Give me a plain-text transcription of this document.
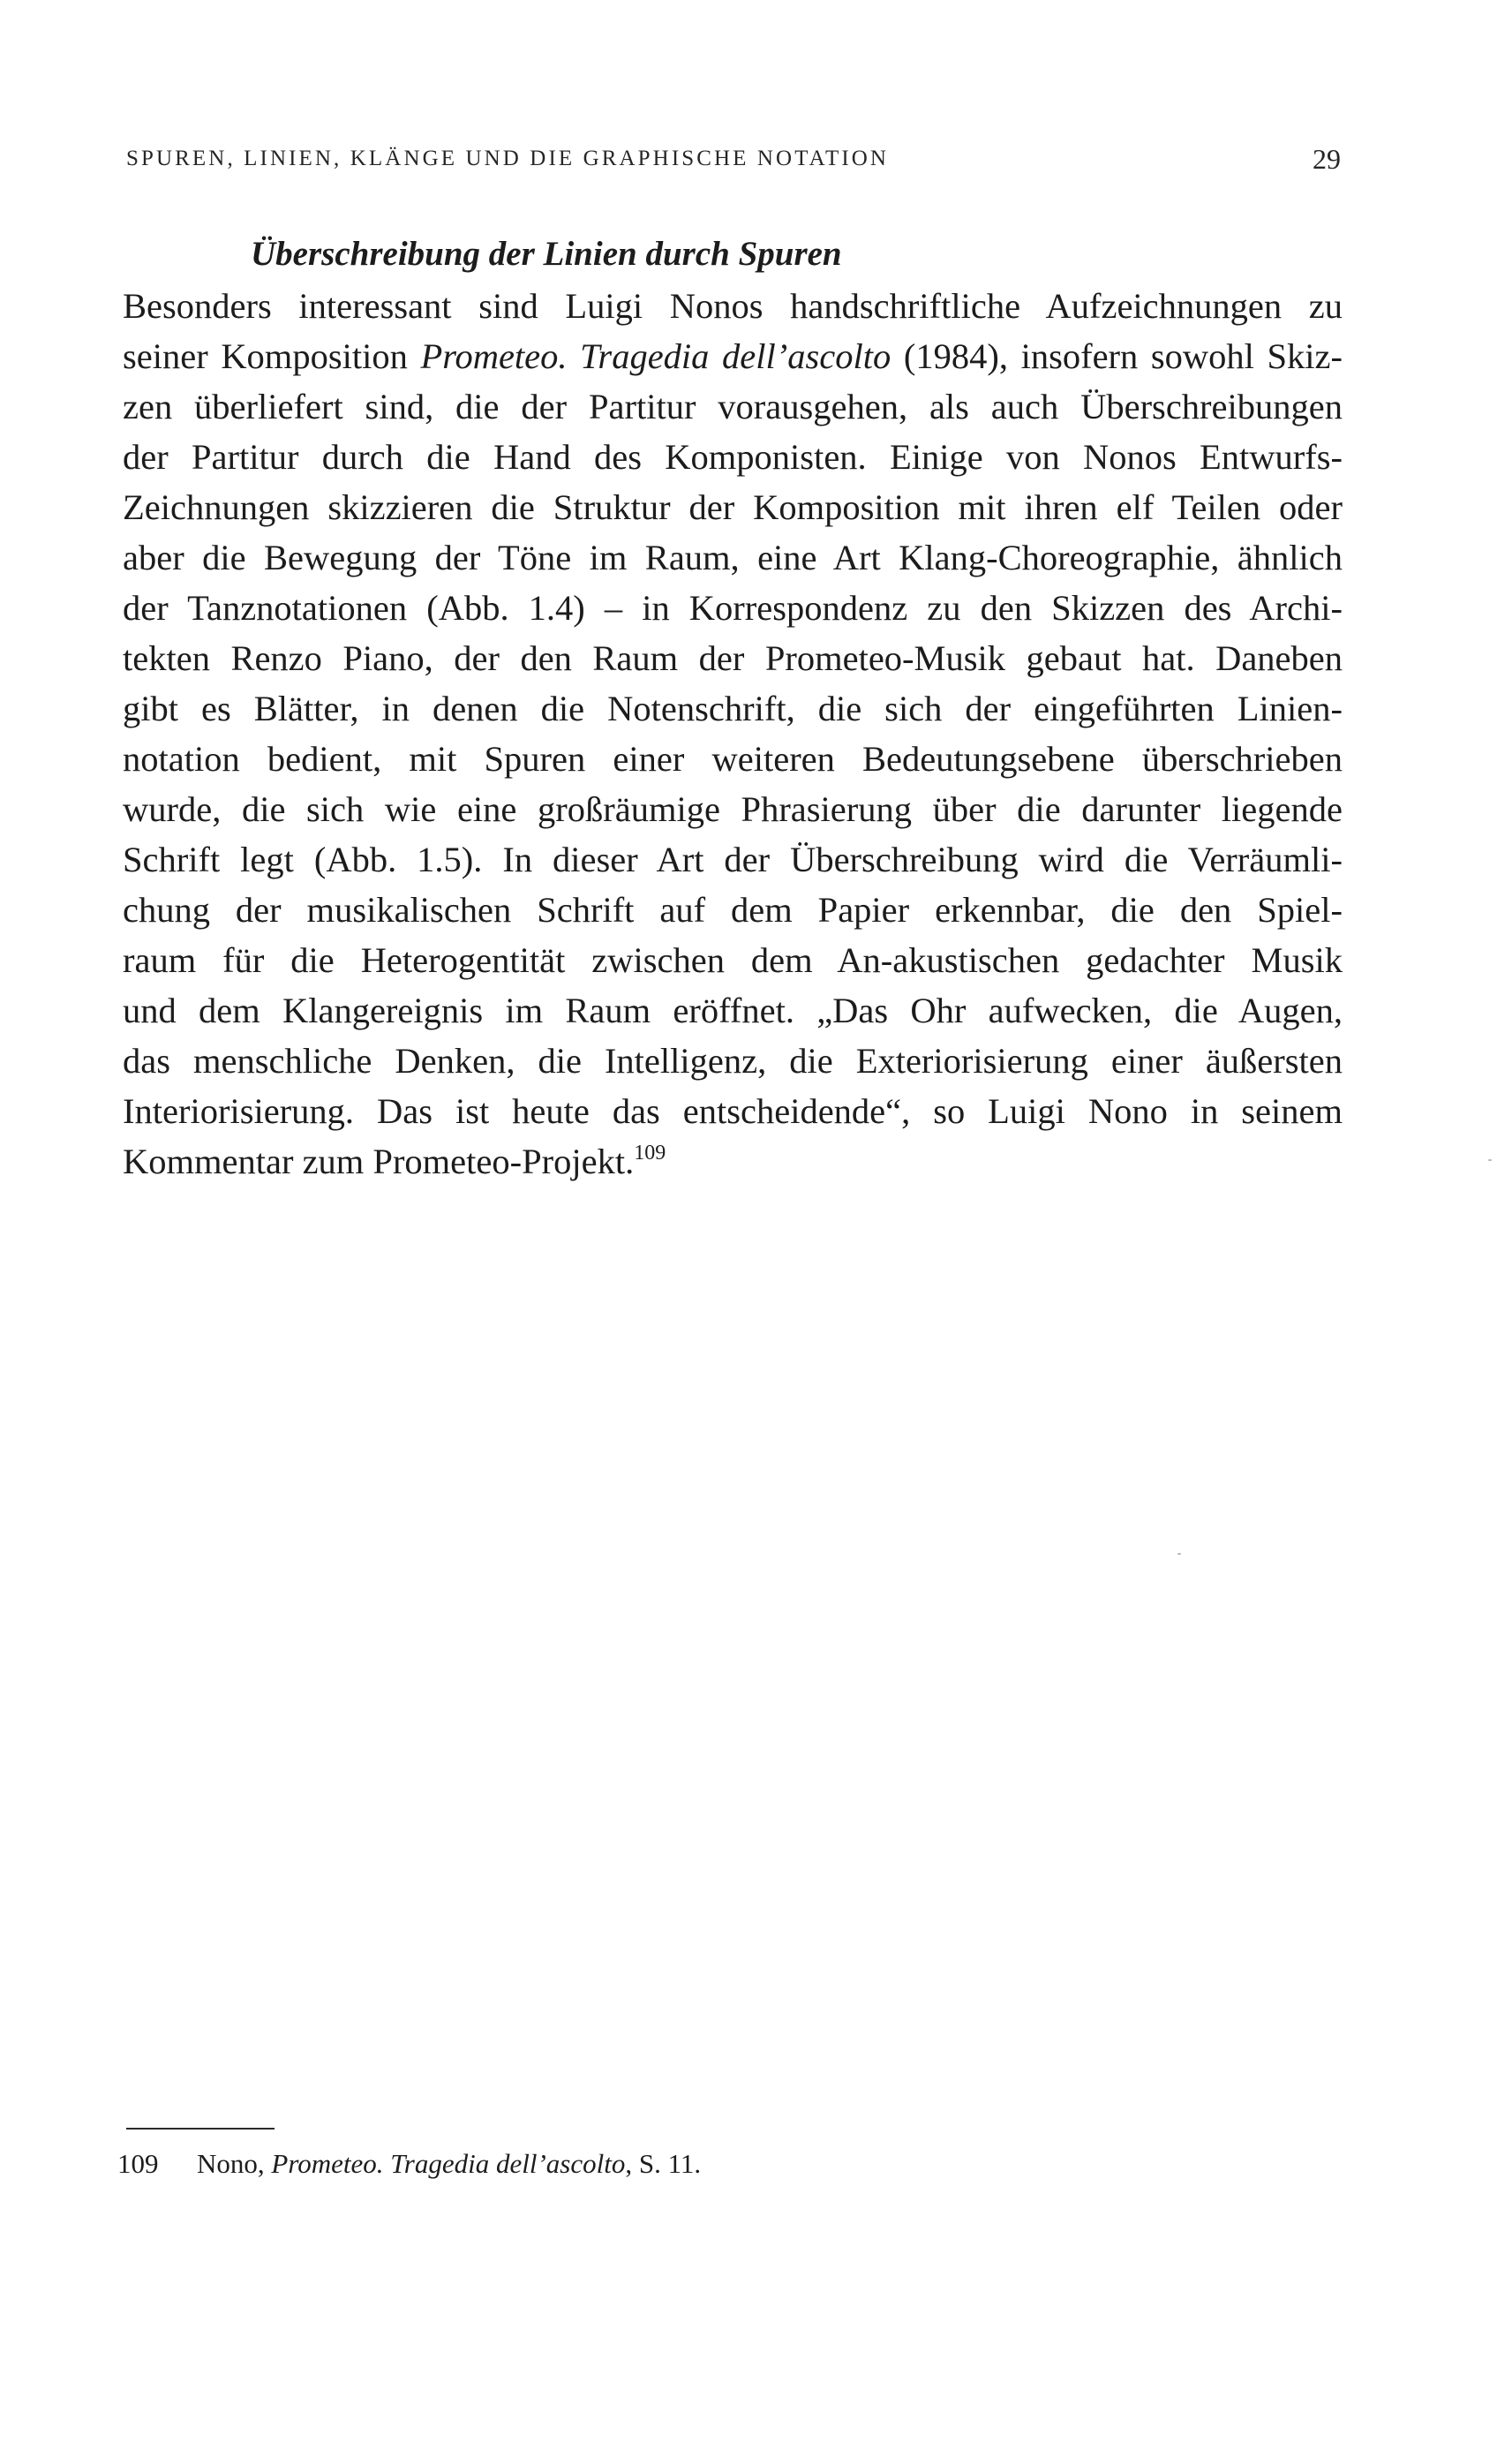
SPUREN, LINIEN, KLÄNGE UND DIE GRAPHISCHE NOTATION	29
Überschreibung der Linien durch Spuren
Besonders interessant sind Luigi Nonos handschriftliche Aufzeichnungen zu
seiner Komposition Prometeo. Tragedia dell’ascolto (1984), insofern sowohl Skiz-
zen überliefert sind, die der Partitur vorausgehen, als auch Überschreibungen
der Partitur durch die Hand des Komponisten. Einige von Nonos Entwurfs-
Zeichnungen skizzieren die Struktur der Komposition mit ihren elf Teilen oder
aber die Bewegung der Töne im Raum, eine Art Klang-Choreographie, ähnlich
der Tanznotationen (Abb. 1.4) – in Korrespondenz zu den Skizzen des Archi-
tekten Renzo Piano, der den Raum der Prometeo-Musik gebaut hat. Daneben
gibt es Blätter, in denen die Notenschrift, die sich der eingeführten Linien-
notation bedient, mit Spuren einer weiteren Bedeutungsebene überschrieben
wurde, die sich wie eine großräumige Phrasierung über die darunter liegende
Schrift legt (Abb. 1.5). In dieser Art der Überschreibung wird die Verräumli-
chung der musikalischen Schrift auf dem Papier erkennbar, die den Spiel-
raum für die Heterogentität zwischen dem An-akustischen gedachter Musik
und dem Klangereignis im Raum eröffnet. „Das Ohr aufwecken, die Augen,
das menschliche Denken, die Intelligenz, die Exteriorisierung einer äußersten
Interiorisierung. Das ist heute das entscheidende“, so Luigi Nono in seinem
Kommentar zum Prometeo-Projekt.$^{109}$
109 Nono, Prometeo. Tragedia dell’ascolto, S. 11.
